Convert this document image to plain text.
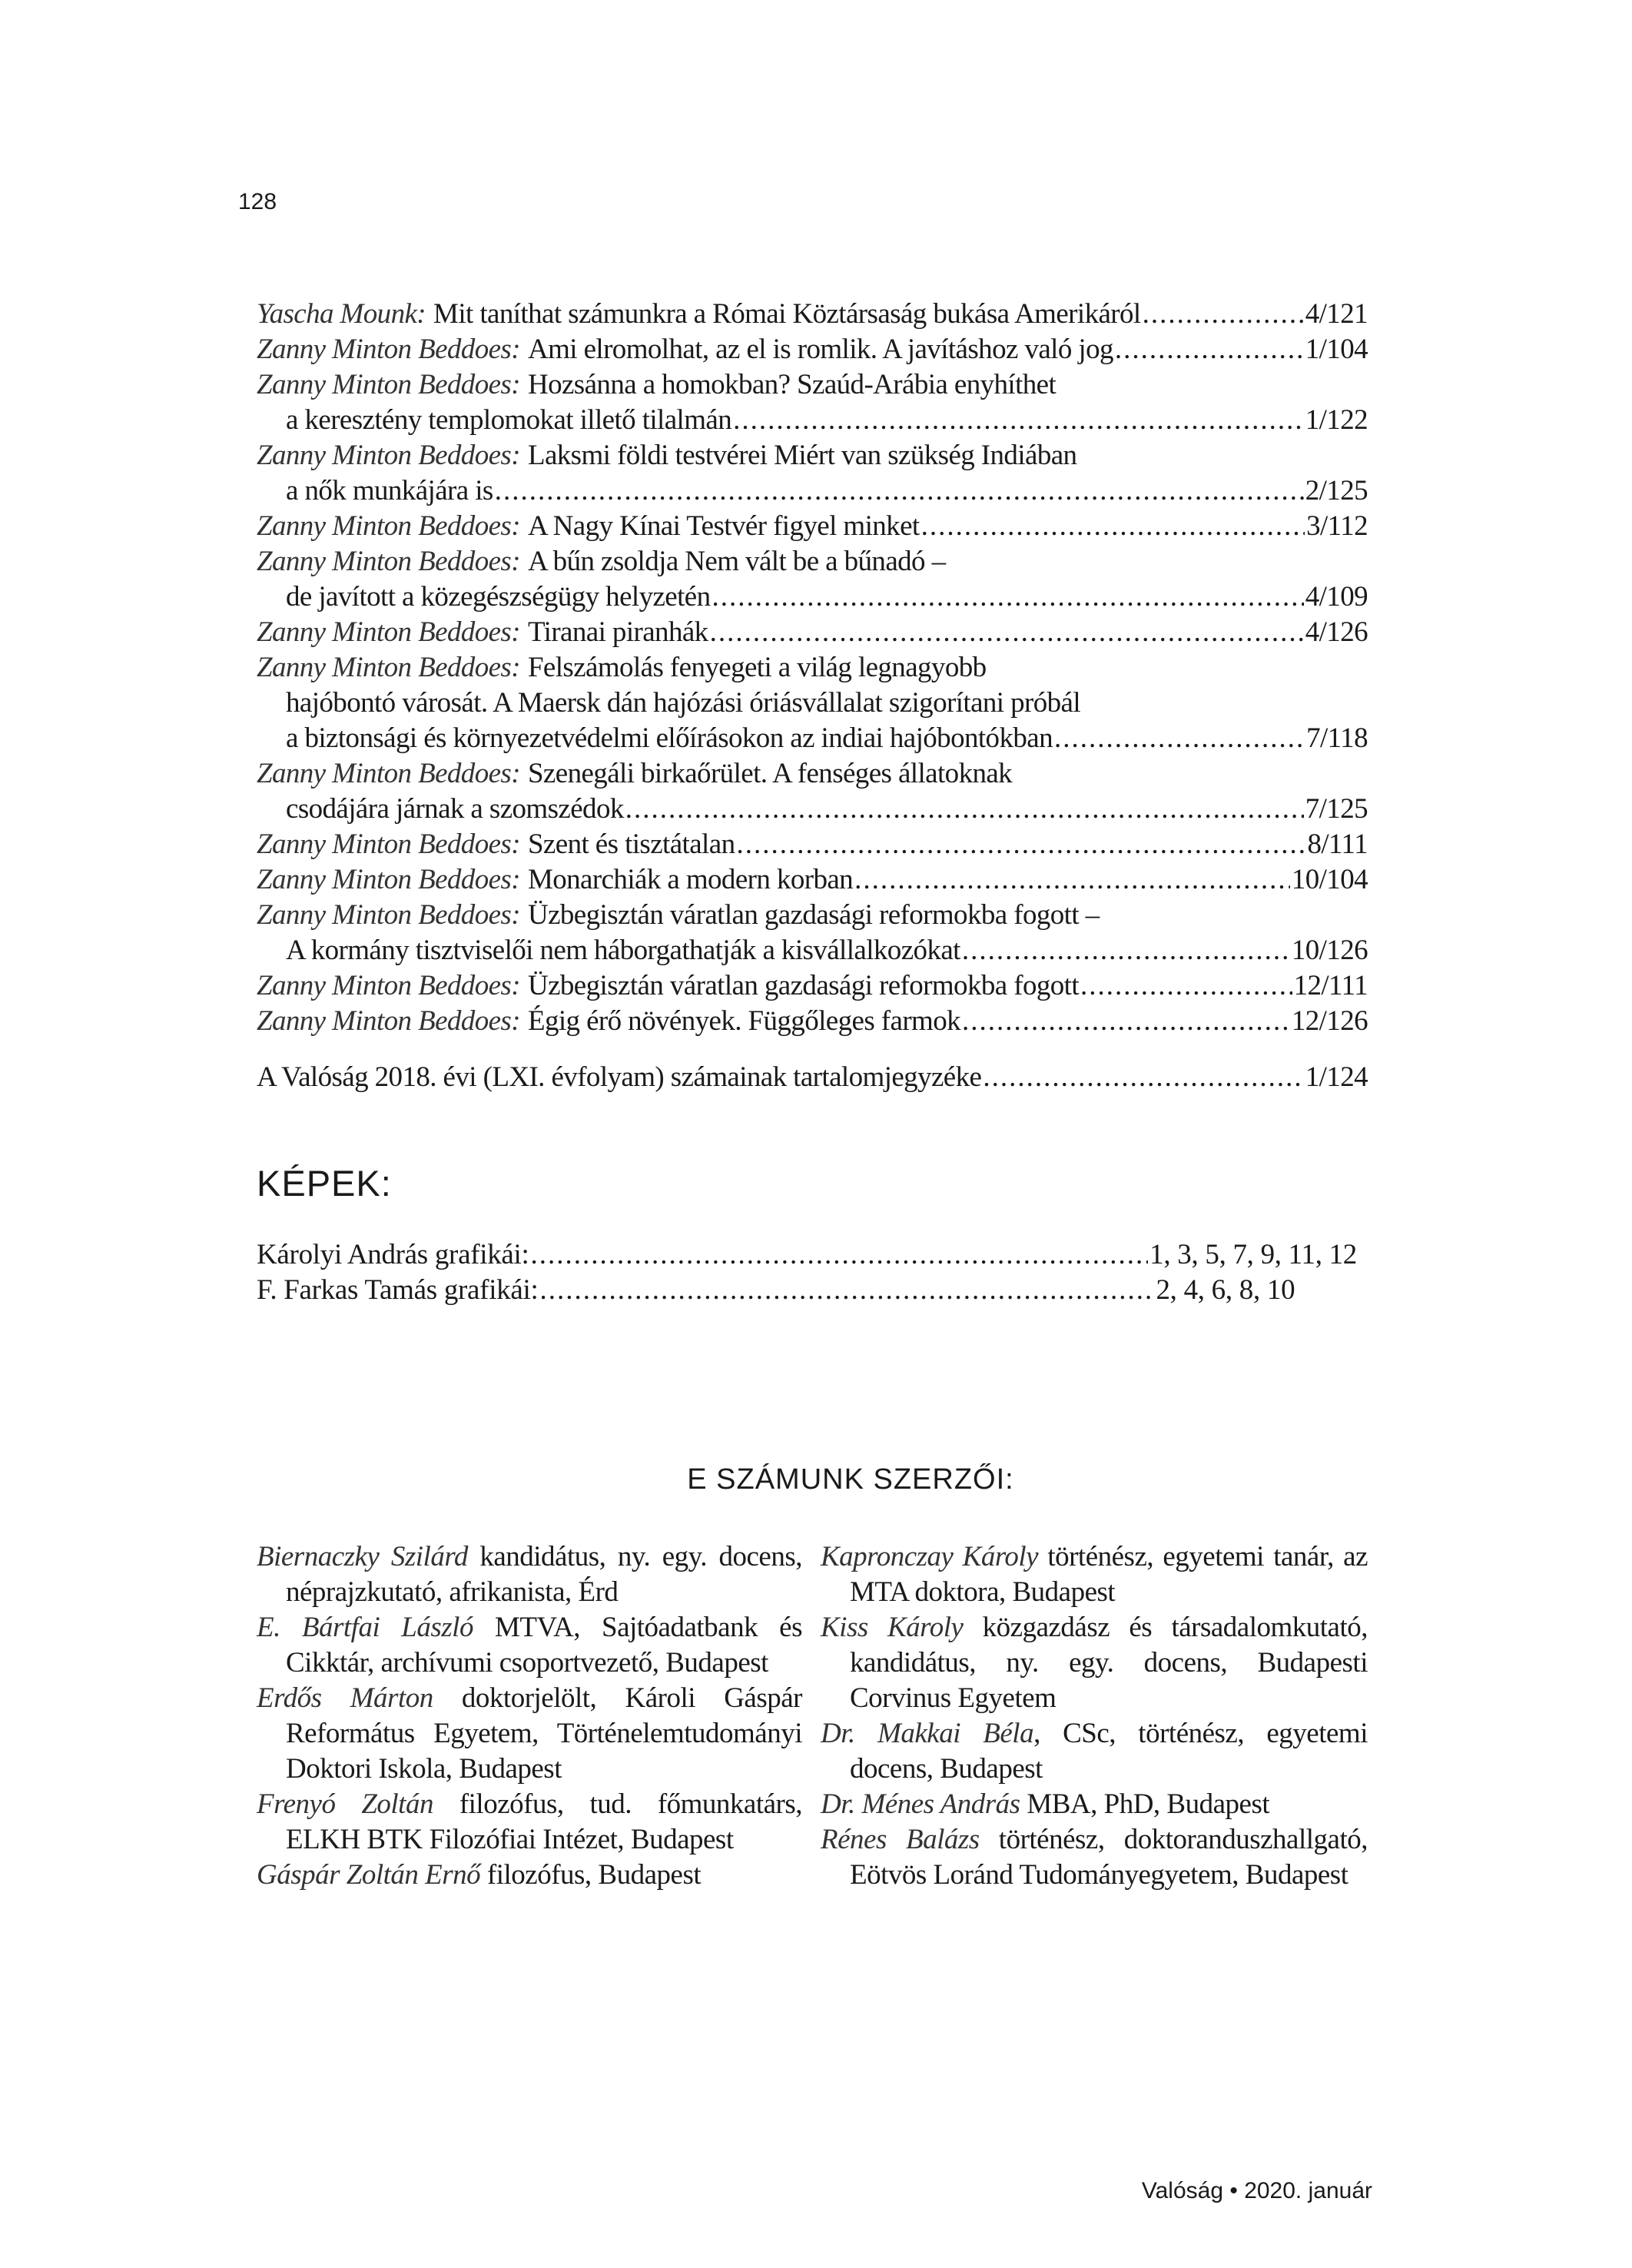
128
Yascha Mounk: Mit taníthat számunkra a Római Köztársaság bukása Amerikáról .....	4/121
Zanny Minton Beddoes: Ami elromolhat, az el is romlik. A javításhoz való jog .....	1/104
Zanny Minton Beddoes: Hozsánna a homokban? Szaúd-Arábia enyhíthet
a keresztény templomokat illető tilalmán .....	1/122
Zanny Minton Beddoes: Laksmi földi testvérei Miért van szükség Indiában
a nők munkájára is .....	2/125
Zanny Minton Beddoes: A Nagy Kínai Testvér figyel minket .....	3/112
Zanny Minton Beddoes: A bűn zsoldja Nem vált be a bűnadó –
de javított a közegészségügy helyzetén .....	4/109
Zanny Minton Beddoes: Tiranai piranhák .....	4/126
Zanny Minton Beddoes: Felszámolás fenyegeti a világ legnagyobb
hajóbontó városát. A Maersk dán hajózási óriásvállalat szigorítani próbál
a biztonsági és környezetvédelmi előírásokon az indiai hajóbontókban .....	7/118
Zanny Minton Beddoes: Szenegáli birkaőrület. A fenséges állatoknak
csodájára járnak a szomszédok .....	7/125
Zanny Minton Beddoes: Szent és tisztátalan .....	8/111
Zanny Minton Beddoes: Monarchiák a modern korban .....	10/104
Zanny Minton Beddoes: Üzbegisztán váratlan gazdasági reformokba fogott –
A kormány tisztviselői nem háborgathatják a kisvállalkozókat .....	10/126
Zanny Minton Beddoes: Üzbegisztán váratlan gazdasági reformokba fogott .....	12/111
Zanny Minton Beddoes: Égig érő növények. Függőleges farmok .....	12/126
A Valóság 2018. évi (LXI. évfolyam) számainak tartalomjegyzéke .....	1/124
KÉPEK:
Károlyi András grafikái: .....	1, 3, 5, 7, 9, 11, 12
F. Farkas Tamás grafikái: .....	2, 4, 6, 8, 10
E SZÁMUNK SZERZŐI:
Biernaczky Szilárd kandidátus, ny. egy. docens, néprajzkutató, afrikanista, Érd
E. Bártfai László MTVA, Sajtóadatbank és Cikktár, archívumi csoportvezető, Budapest
Erdős Márton doktorjelölt, Károli Gáspár Református Egyetem, Történelemtudományi Doktori Iskola, Budapest
Frenyó Zoltán filozófus, tud. főmunkatárs, ELKH BTK Filozófiai Intézet, Budapest
Gáspár Zoltán Ernő filozófus, Budapest
Kapronczay Károly történész, egyetemi tanár, az MTA doktora, Budapest
Kiss Károly közgazdász és társadalomkutató, kandidátus, ny. egy. docens, Budapesti Corvinus Egyetem
Dr. Makkai Béla, CSc, történész, egyetemi docens, Budapest
Dr. Ménes András MBA, PhD, Budapest
Rénes Balázs történész, doktoranduszhallgató, Eötvös Loránd Tudományegyetem, Budapest
Valóság • 2020. január
